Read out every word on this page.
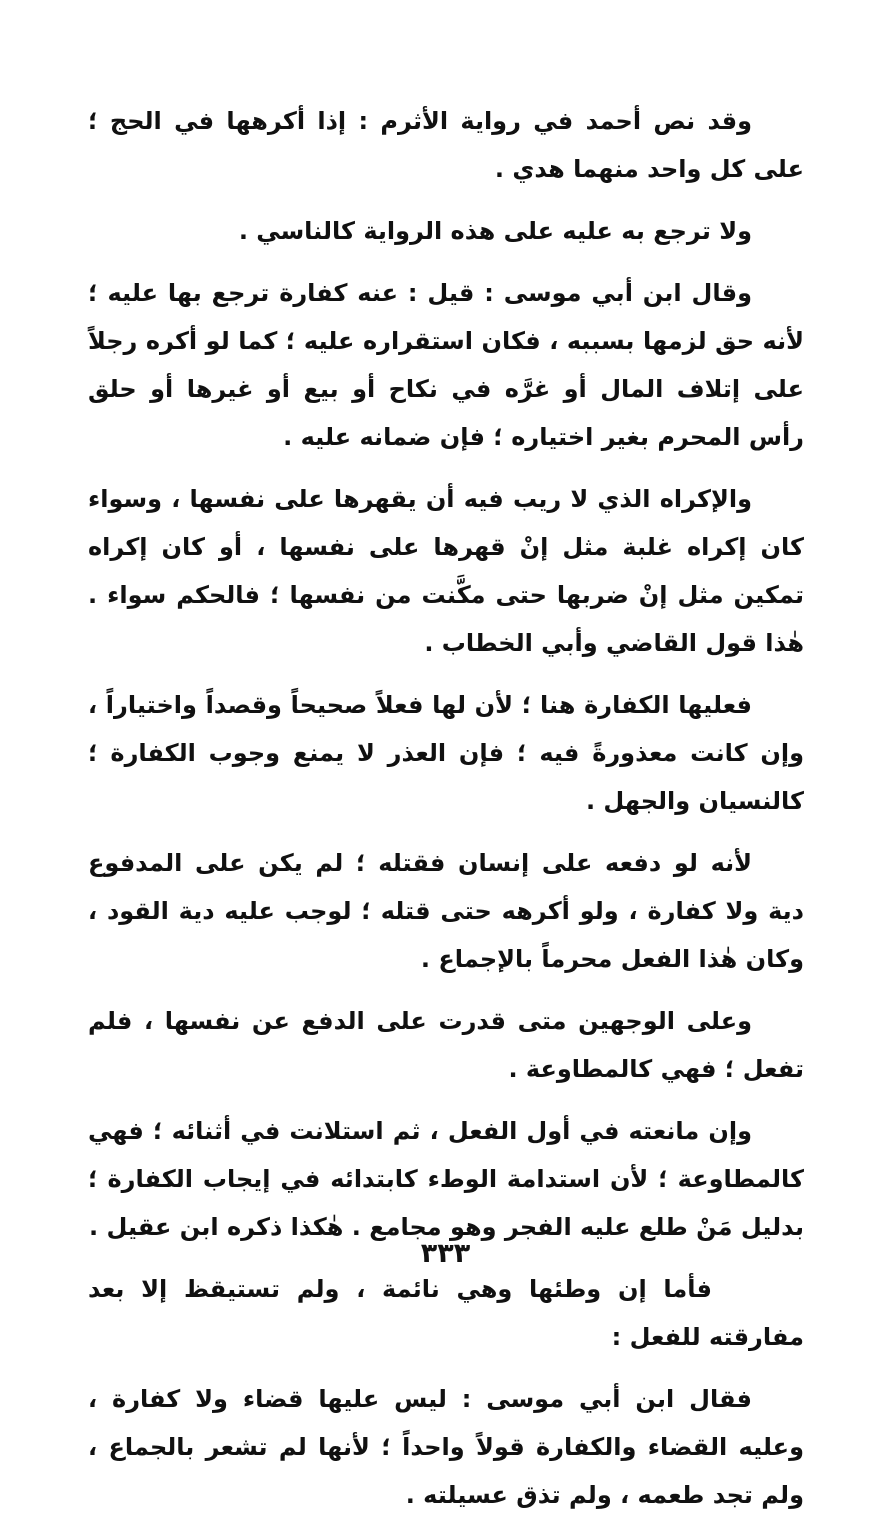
وقد نص أحمد في رواية الأثرم : إذا أكرهها في الحج ؛ على كل واحد منهما هدي .

ولا ترجع به عليه على هذه الرواية كالناسي .

وقال ابن أبي موسى : قيل : عنه كفارة ترجع بها عليه ؛ لأنه حق لزمها بسببه ، فكان استقراره عليه ؛ كما لو أكره رجلاً على إتلاف المال أو غرَّه في نكاح أو بيع أو غيرها أو حلق رأس المحرم بغير اختياره ؛ فإن ضمانه عليه .

والإكراه الذي لا ريب فيه أن يقهرها على نفسها ، وسواء كان إكراه غلبة مثل إنْ قهرها على نفسها ، أو كان إكراه تمكين مثل إنْ ضربها حتى مكَّنت من نفسها ؛ فالحكم سواء . هٰذا قول القاضي وأبي الخطاب .

فعليها الكفارة هنا ؛ لأن لها فعلاً صحيحاً وقصداً واختياراً ، وإن كانت معذورةً فيه ؛ فإن العذر لا يمنع وجوب الكفارة ؛ كالنسيان والجهل .

لأنه لو دفعه على إنسان فقتله ؛ لم يكن على المدفوع دية ولا كفارة ، ولو أكرهه حتى قتله ؛ لوجب عليه دية القود ، وكان هٰذا الفعل محرماً بالإجماع .

وعلى الوجهين متى قدرت على الدفع عن نفسها ، فلم تفعل ؛ فهي كالمطاوعة .

وإن مانعته في أول الفعل ، ثم استلانت في أثنائه ؛ فهي كالمطاوعة ؛ لأن استدامة الوطء كابتدائه في إيجاب الكفارة ؛ بدليل مَنْ طلع عليه الفجر وهو مجامع . هٰكذا ذكره ابن عقيل .

فأما إن وطئها وهي نائمة ، ولم تستيقظ إلا بعد مفارقته للفعل :

فقال ابن أبي موسى : ليس عليها قضاء ولا كفارة ، وعليه القضاء والكفارة قولاً واحداً ؛ لأنها لم تشعر بالجماع ، ولم تجد طعمه ، ولم تذق عسيلته .

٣٣٣
